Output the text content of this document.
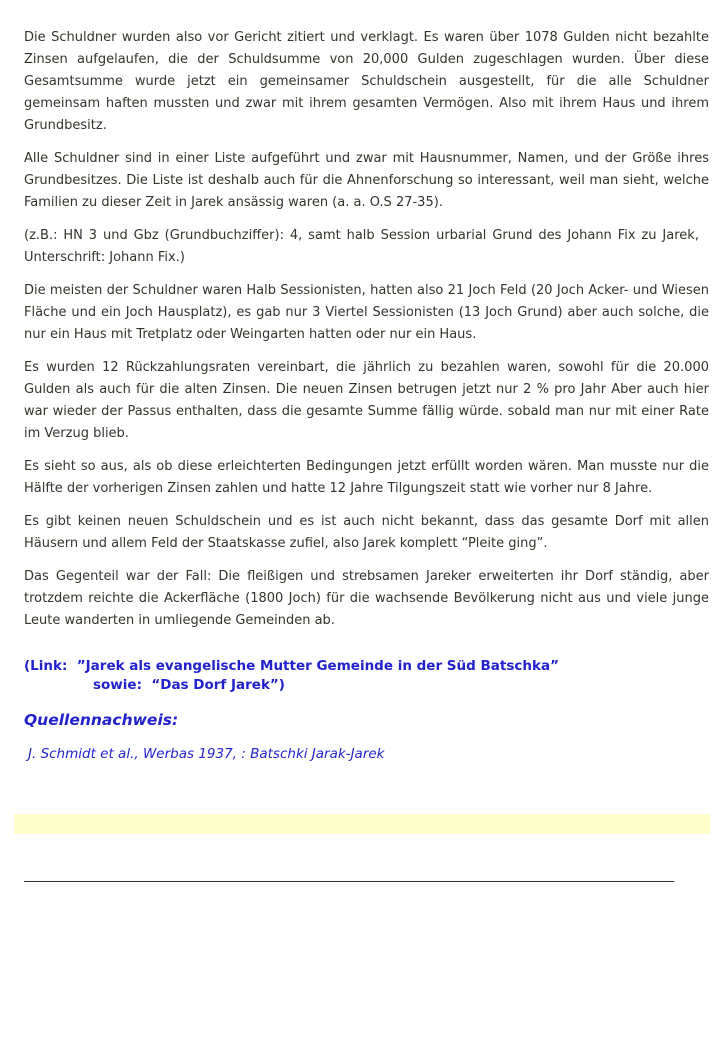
Die Schuldner wurden also vor Gericht zitiert und verklagt. Es waren über 1078 Gulden nicht bezahlte Zinsen aufgelaufen, die der Schuldsumme von 20,000 Gulden zugeschlagen wurden. Über diese Gesamtsumme wurde jetzt ein gemeinsamer Schuldschein ausgestellt, für die alle Schuldner gemeinsam haften mussten und zwar mit ihrem gesamten Vermögen. Also mit ihrem Haus und ihrem Grundbesitz.

Alle Schuldner sind in einer Liste aufgeführt und zwar mit Hausnummer, Namen, und der Größe ihres Grundbesitzes. Die Liste ist deshalb auch für die Ahnenforschung so interessant, weil man sieht, welche Familien zu dieser Zeit in Jarek ansässig waren (a. a. O.S 27-35).

(z.B.: HN 3 und Gbz (Grundbuchziffer): 4, samt halb Session urbarial Grund des Johann Fix zu Jarek,   Unterschrift: Johann Fix.)

Die meisten der Schuldner waren Halb Sessionisten, hatten also 21 Joch Feld (20 Joch Acker- und Wiesen Fläche und ein Joch Hausplatz), es gab nur 3 Viertel Sessionisten (13 Joch Grund) aber auch solche, die nur ein Haus mit Tretplatz oder Weingarten hatten oder nur ein Haus.

Es wurden 12 Rückzahlungsraten vereinbart, die jährlich zu bezahlen waren, sowohl für die 20.000 Gulden als auch für die alten Zinsen. Die neuen Zinsen betrugen jetzt nur 2 % pro Jahr Aber auch hier war wieder der Passus enthalten, dass die gesamte Summe fällig würde. sobald man nur mit einer Rate im Verzug blieb.

Es sieht so aus, als ob diese erleichterten Bedingungen jetzt erfüllt worden wären. Man musste nur die Hälfte der vorherigen Zinsen zahlen und hatte 12 Jahre Tilgungszeit statt wie vorher nur 8 Jahre.

Es gibt keinen neuen Schuldschein und es ist auch nicht bekannt, dass das gesamte Dorf mit allen Häusern und allem Feld der Staatskasse zufiel, also Jarek komplett “Pleite ging”.

Das Gegenteil war der Fall: Die fleißigen und strebsamen Jareker erweiterten ihr Dorf ständig, aber trotzdem reichte die Ackerfläche (1800 Joch) für die wachsende Bevölkerung nicht aus und viele junge Leute wanderten in umliegende Gemeinden ab.

(Link:  ”Jarek als evangelische Mutter Gemeinde in der Süd Batschka”
sowie:  “Das Dorf Jarek”)
Quellennachweis:
J. Schmidt et al., Werbas 1937, : Batschki Jarak-Jarek
____________________________________________________________________________________________________
